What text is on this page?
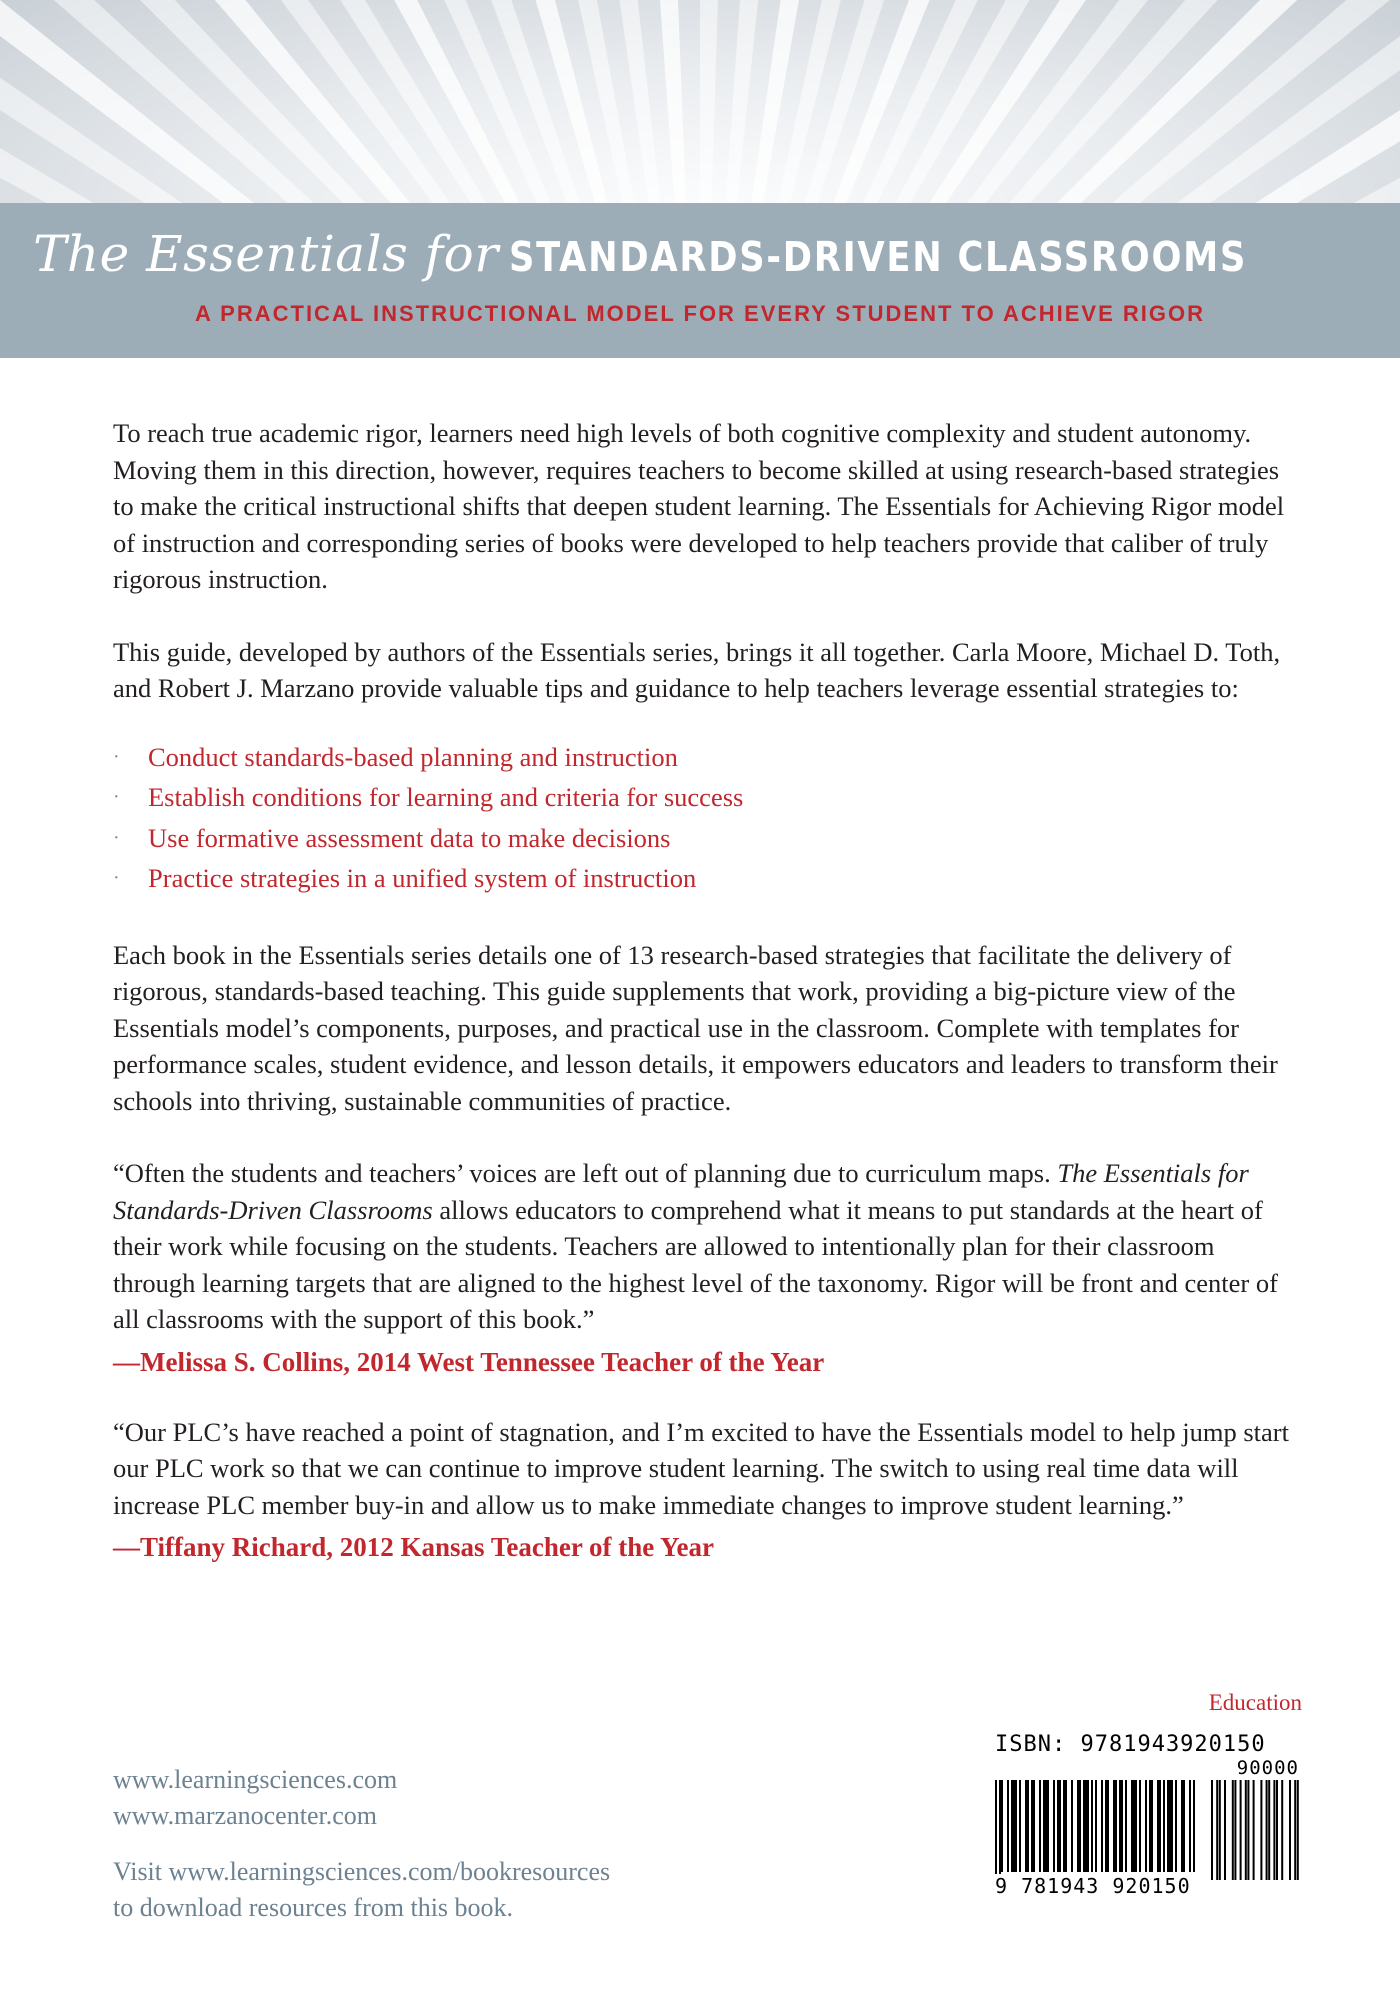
The Essentials for STANDARDS-DRIVEN CLASSROOMS
A PRACTICAL INSTRUCTIONAL MODEL FOR EVERY STUDENT TO ACHIEVE RIGOR

To reach true academic rigor, learners need high levels of both cognitive complexity and student autonomy. Moving them in this direction, however, requires teachers to become skilled at using research-based strategies to make the critical instructional shifts that deepen student learning. The Essentials for Achieving Rigor model of instruction and corresponding series of books were developed to help teachers provide that caliber of truly rigorous instruction.

This guide, developed by authors of the Essentials series, brings it all together. Carla Moore, Michael D. Toth, and Robert J. Marzano provide valuable tips and guidance to help teachers leverage essential strategies to:

· Conduct standards-based planning and instruction
· Establish conditions for learning and criteria for success
· Use formative assessment data to make decisions
· Practice strategies in a unified system of instruction

Each book in the Essentials series details one of 13 research-based strategies that facilitate the delivery of rigorous, standards-based teaching. This guide supplements that work, providing a big-picture view of the Essentials model’s components, purposes, and practical use in the classroom. Complete with templates for performance scales, student evidence, and lesson details, it empowers educators and leaders to transform their schools into thriving, sustainable communities of practice.

“Often the students and teachers’ voices are left out of planning due to curriculum maps. The Essentials for Standards-Driven Classrooms allows educators to comprehend what it means to put standards at the heart of their work while focusing on the students. Teachers are allowed to intentionally plan for their classroom through learning targets that are aligned to the highest level of the taxonomy. Rigor will be front and center of all classrooms with the support of this book.”

—Melissa S. Collins, 2014 West Tennessee Teacher of the Year

“Our PLC’s have reached a point of stagnation, and I’m excited to have the Essentials model to help jump start our PLC work so that we can continue to improve student learning. The switch to using real time data will increase PLC member buy-in and allow us to make immediate changes to improve student learning.”

—Tiffany Richard, 2012 Kansas Teacher of the Year
Education
www.learningsciences.com
www.marzanocenter.com
Visit www.learningsciences.com/bookresources
to download resources from this book.
ISBN: 9781943920150
90000
9 781943 920150
